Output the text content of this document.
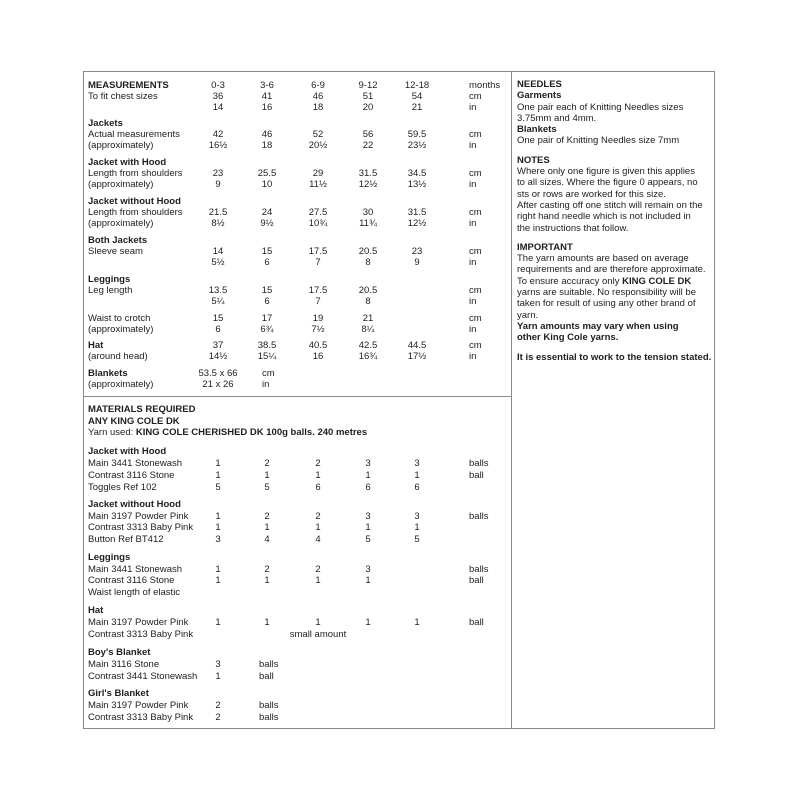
MEASUREMENTS	0-3	3-6	6-9	9-12	12-18	months
To fit chest sizes	36	41	46	51	54	cm
14	16	18	20	21	in
Jackets
Actual measurements	42	46	52	56	59.5	cm
(approximately)	16½	18	20½	22	23½	in
Jacket with Hood
Length from shoulders	23	25.5	29	31.5	34.5	cm
(approximately)	9	10	11½	12½	13½	in
Jacket without Hood
Length from shoulders	21.5	24	27.5	30	31.5	cm
(approximately)	8½	9½	10¾	11¾	12½	in
Both Jackets
Sleeve seam	14	15	17.5	20.5	23	cm
5½	6	7	8	9	in
Leggings
Leg length	13.5	15	17.5	20.5	cm
5¼	6	7	8	in
Waist to crotch	15	17	19	21	cm
(approximately)	6	6¾	7½	8¼	in
Hat	37	38.5	40.5	42.5	44.5	cm
(around head)	14½	15¼	16	16¾	17½	in
Blankets	53.5 x 66	cm
(approximately)	21 x 26	in
MATERIALS REQUIRED
ANY KING COLE DK
Yarn used: KING COLE CHERISHED DK 100g balls. 240 metres
Jacket with Hood
Main 3441 Stonewash	1	2	2	3	3	balls
Contrast 3116 Stone	1	1	1	1	1	ball
Toggles Ref 102	5	5	6	6	6
Jacket without Hood
Main 3197 Powder Pink	1	2	2	3	3	balls
Contrast 3313 Baby Pink 1	1	1	1	1
Button Ref BT412	3	4	4	5	5
Leggings
Main 3441 Stonewash	1	2	2	3	balls
Contrast 3116 Stone	1	1	1	1	ball
Waist length of elastic
Hat
Main 3197 Powder Pink	1	1	1	1	1	ball
Contrast 3313 Baby Pink	small amount
Boy's Blanket
Main 3116 Stone	3	balls
Contrast 3441 Stonewash 1	ball
Girl's Blanket
Main 3197 Powder Pink	2	balls
Contrast 3313 Baby Pink 2	balls
NEEDLES
Garments
One pair each of Knitting Needles sizes
3.75mm and 4mm.
Blankets
One pair of Knitting Needles size 7mm
NOTES
Where only one figure is given this applies
to all sizes. Where the figure 0 appears, no
sts or rows are worked for this size.
After casting off one stitch will remain on the
right hand needle which is not included in
the instructions that follow.
IMPORTANT
The yarn amounts are based on average
requirements and are therefore approximate.
To ensure accuracy only KING COLE DK
yarns are suitable. No responsibility will be
taken for result of using any other brand of
yarn.
Yarn amounts may vary when using
other King Cole yarns.
It is essential to work to the tension stated.
